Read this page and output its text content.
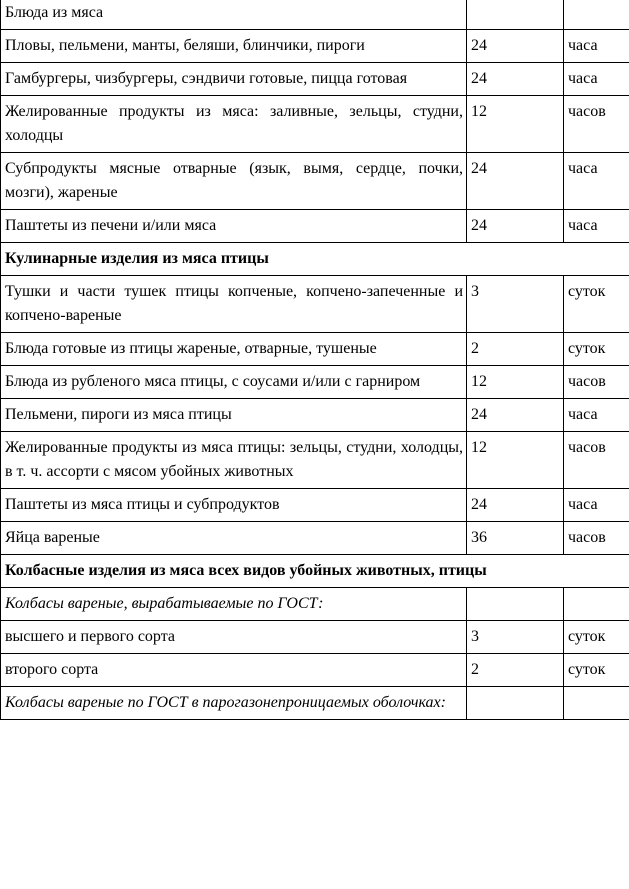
Блюда из мяса		
Пловы, пельмени, манты, беляши, блинчики, пироги	24	часа
Гамбургеры, чизбургеры, сэндвичи готовые, пицца готовая	24	часа
Желированные продукты из мяса: заливные, зельцы, студни, холодцы	12	часов
Субпродукты мясные отварные (язык, вымя, сердце, почки, мозги), жареные	24	часа
Паштеты из печени и/или мяса	24	часа
Кулинарные изделия из мяса птицы		
Тушки и части тушек птицы копченые, копчено-запеченные и копчено-вареные	3	суток
Блюда готовые из птицы жареные, отварные, тушеные	2	суток
Блюда из рубленого мяса птицы, с соусами и/или с гарниром	12	часов
Пельмени, пироги из мяса птицы	24	часа
Желированные продукты из мяса птицы: зельцы, студни, холодцы, в т. ч. ассорти с мясом убойных животных	12	часов
Паштеты из мяса птицы и субпродуктов	24	часа
Яйца вареные	36	часов
Колбасные изделия из мяса всех видов убойных животных, птицы		
Колбасы вареные, вырабатываемые по ГОСТ:		
высшего и первого сорта	3	суток
второго сорта	2	суток
Колбасы вареные по ГОСТ в парогазонепроницаемых оболочках:		
